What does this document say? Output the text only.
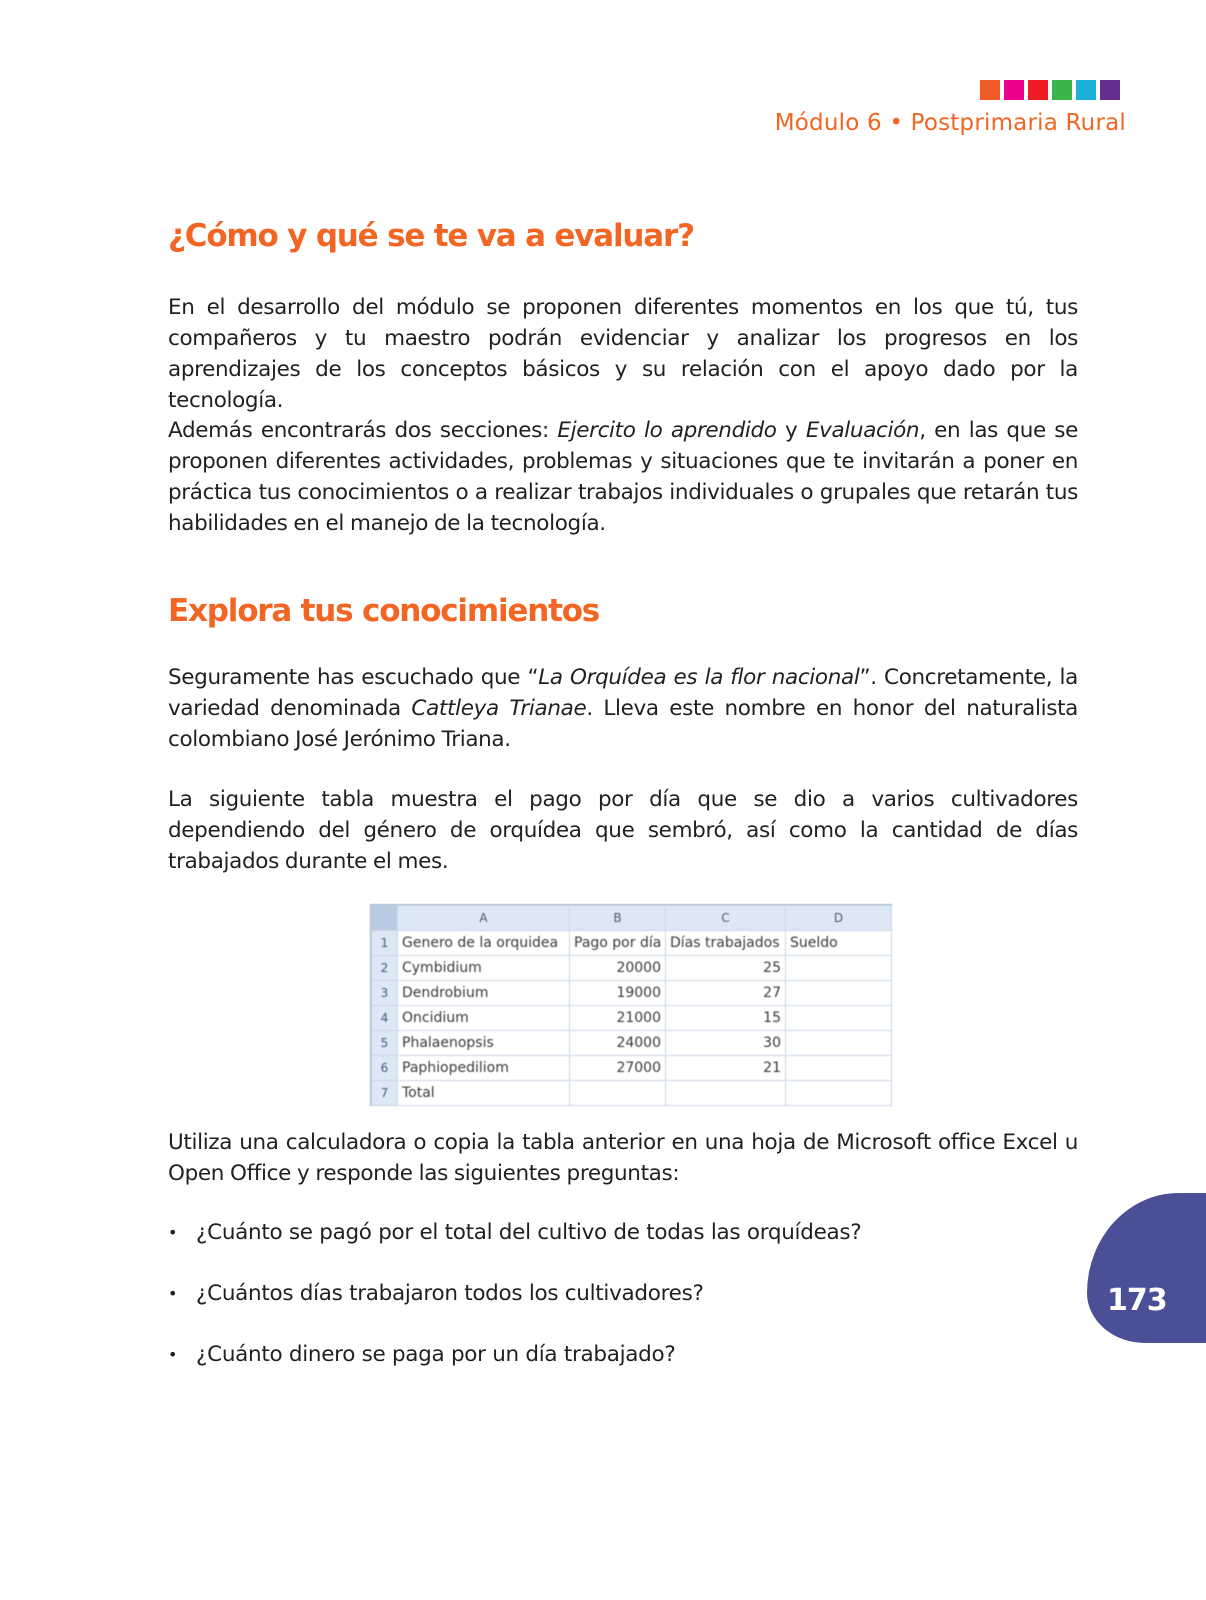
Módulo 6 • Postprimaria Rural
¿Cómo y qué se te va a evaluar?

En el desarrollo del módulo se proponen diferentes momentos en los que tú, tus compañeros y tu maestro podrán evidenciar y analizar los progresos en los aprendizajes de los conceptos básicos y su relación con el apoyo dado por la tecnología.

Además encontrarás dos secciones: Ejercito lo aprendido y Evaluación, en las que se proponen diferentes actividades, problemas y situaciones que te invitarán a poner en práctica tus conocimientos o a realizar trabajos individuales o grupales que retarán tus habilidades en el manejo de la tecnología.

Explora tus conocimientos

Seguramente has escuchado que “La Orquídea es la flor nacional”. Concretamente, la variedad denominada Cattleya Trianae. Lleva este nombre en honor del naturalista colombiano José Jerónimo Triana.

La siguiente tabla muestra el pago por día que se dio a varios cultivadores dependiendo del género de orquídea que sembró, así como la cantidad de días trabajados durante el mes.

	A	B	C	D
1	Genero de la orquidea	Pago por día	Días trabajados	Sueldo
2	Cymbidium	20000	25	
3	Dendrobium	19000	27	
4	Oncidium	21000	15	
5	Phalaenopsis	24000	30	
6	Paphiopediliom	27000	21	
7	Total			

Utiliza una calculadora o copia la tabla anterior en una hoja de Microsoft office Excel u Open Office y responde las siguientes preguntas:

• ¿Cuánto se pagó por el total del cultivo de todas las orquídeas?
• ¿Cuántos días trabajaron todos los cultivadores?
• ¿Cuánto dinero se paga por un día trabajado?
173
